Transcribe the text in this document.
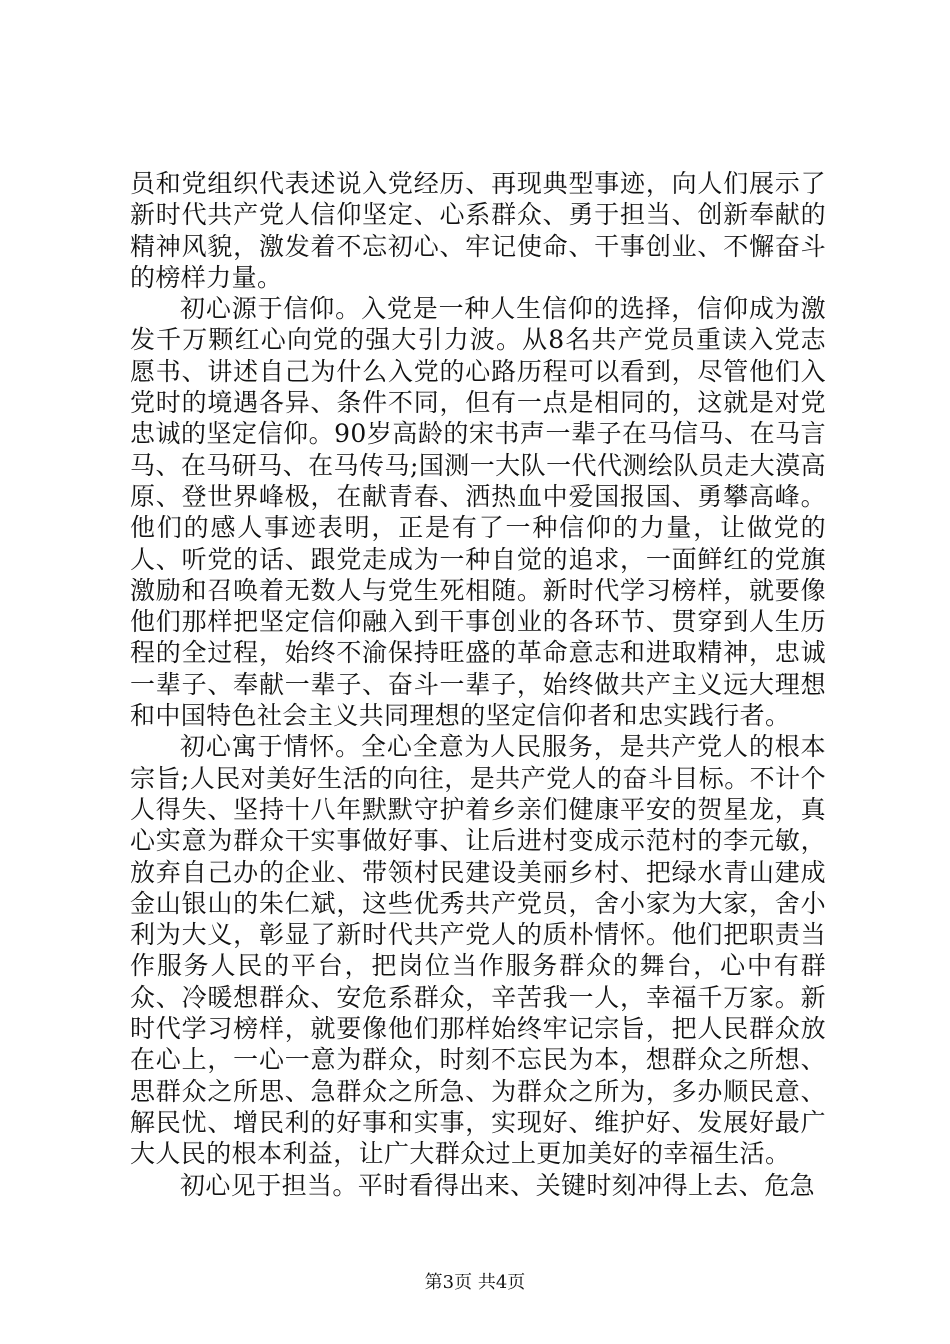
员和党组织代表述说入党经历、再现典型事迹，向人们展示了新时代共产党人信仰坚定、心系群众、勇于担当、创新奉献的精神风貌，激发着不忘初心、牢记使命、干事创业、不懈奋斗的榜样力量。

初心源于信仰。入党是一种人生信仰的选择，信仰成为激发千万颗红心向党的强大引力波。从8名共产党员重读入党志愿书、讲述自己为什么入党的心路历程可以看到，尽管他们入党时的境遇各异、条件不同，但有一点是相同的，这就是对党忠诚的坚定信仰。90岁高龄的宋书声一辈子在马信马、在马言马、在马研马、在马传马;国测一大队一代代测绘队员走大漠高原、登世界峰极，在献青春、洒热血中爱国报国、勇攀高峰。他们的感人事迹表明，正是有了一种信仰的力量，让做党的人、听党的话、跟党走成为一种自觉的追求，一面鲜红的党旗激励和召唤着无数人与党生死相随。新时代学习榜样，就要像他们那样把坚定信仰融入到干事创业的各环节、贯穿到人生历程的全过程，始终不渝保持旺盛的革命意志和进取精神，忠诚一辈子、奉献一辈子、奋斗一辈子，始终做共产主义远大理想和中国特色社会主义共同理想的坚定信仰者和忠实践行者。

初心寓于情怀。全心全意为人民服务，是共产党人的根本宗旨;人民对美好生活的向往，是共产党人的奋斗目标。不计个人得失、坚持十八年默默守护着乡亲们健康平安的贺星龙，真心实意为群众干实事做好事、让后进村变成示范村的李元敏，放弃自己办的企业、带领村民建设美丽乡村、把绿水青山建成金山银山的朱仁斌，这些优秀共产党员，舍小家为大家，舍小利为大义，彰显了新时代共产党人的质朴情怀。他们把职责当作服务人民的平台，把岗位当作服务群众的舞台，心中有群众、冷暖想群众、安危系群众，辛苦我一人，幸福千万家。新时代学习榜样，就要像他们那样始终牢记宗旨，把人民群众放在心上，一心一意为群众，时刻不忘民为本，想群众之所想、思群众之所思、急群众之所急、为群众之所为，多办顺民意、解民忧、增民利的好事和实事，实现好、维护好、发展好最广大人民的根本利益，让广大群众过上更加美好的幸福生活。

初心见于担当。平时看得出来、关键时刻冲得上去、危急

第3页 共4页
